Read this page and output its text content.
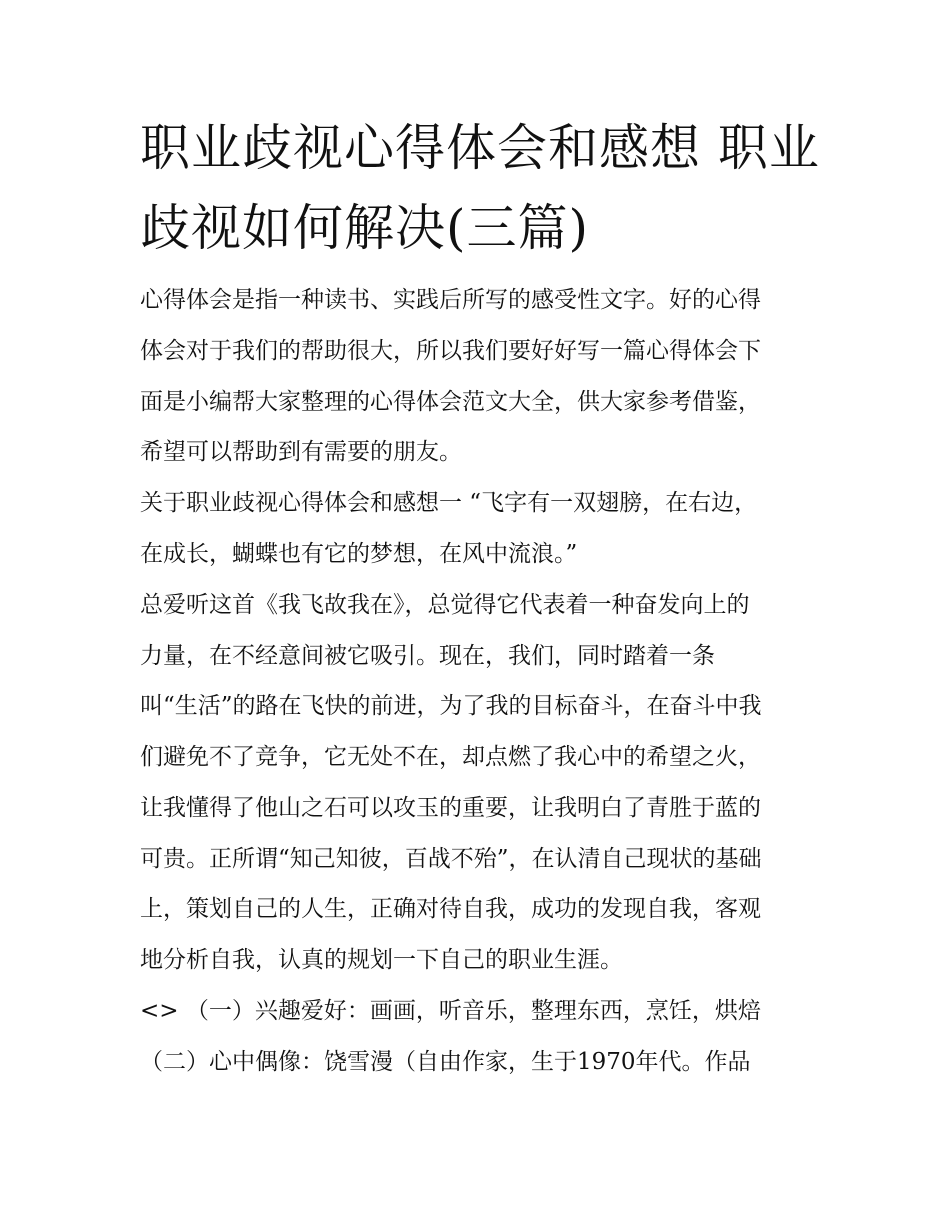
职业歧视心得体会和感想 职业
歧视如何解决(三篇)

心得体会是指一种读书、实践后所写的感受性文字。好的心得

体会对于我们的帮助很大，所以我们要好好写一篇心得体会下

面是小编帮大家整理的心得体会范文大全，供大家参考借鉴，

希望可以帮助到有需要的朋友。

关于职业歧视心得体会和感想一 “飞字有一双翅膀，在右边，

在成长，蝴蝶也有它的梦想，在风中流浪。”

总爱听这首《我飞故我在》，总觉得它代表着一种奋发向上的

力量，在不经意间被它吸引。现在，我们，同时踏着一条

叫“生活”的路在飞快的前进，为了我的目标奋斗，在奋斗中我

们避免不了竞争，它无处不在，却点燃了我心中的希望之火，

让我懂得了他山之石可以攻玉的重要，让我明白了青胜于蓝的

可贵。正所谓“知己知彼，百战不殆”，在认清自己现状的基础

上，策划自己的人生，正确对待自我，成功的发现自我，客观

地分析自我，认真的规划一下自己的职业生涯。

<> （一）兴趣爱好：画画，听音乐，整理东西，烹饪，烘焙

（二）心中偶像：饶雪漫（自由作家，生于1970年代。作品
